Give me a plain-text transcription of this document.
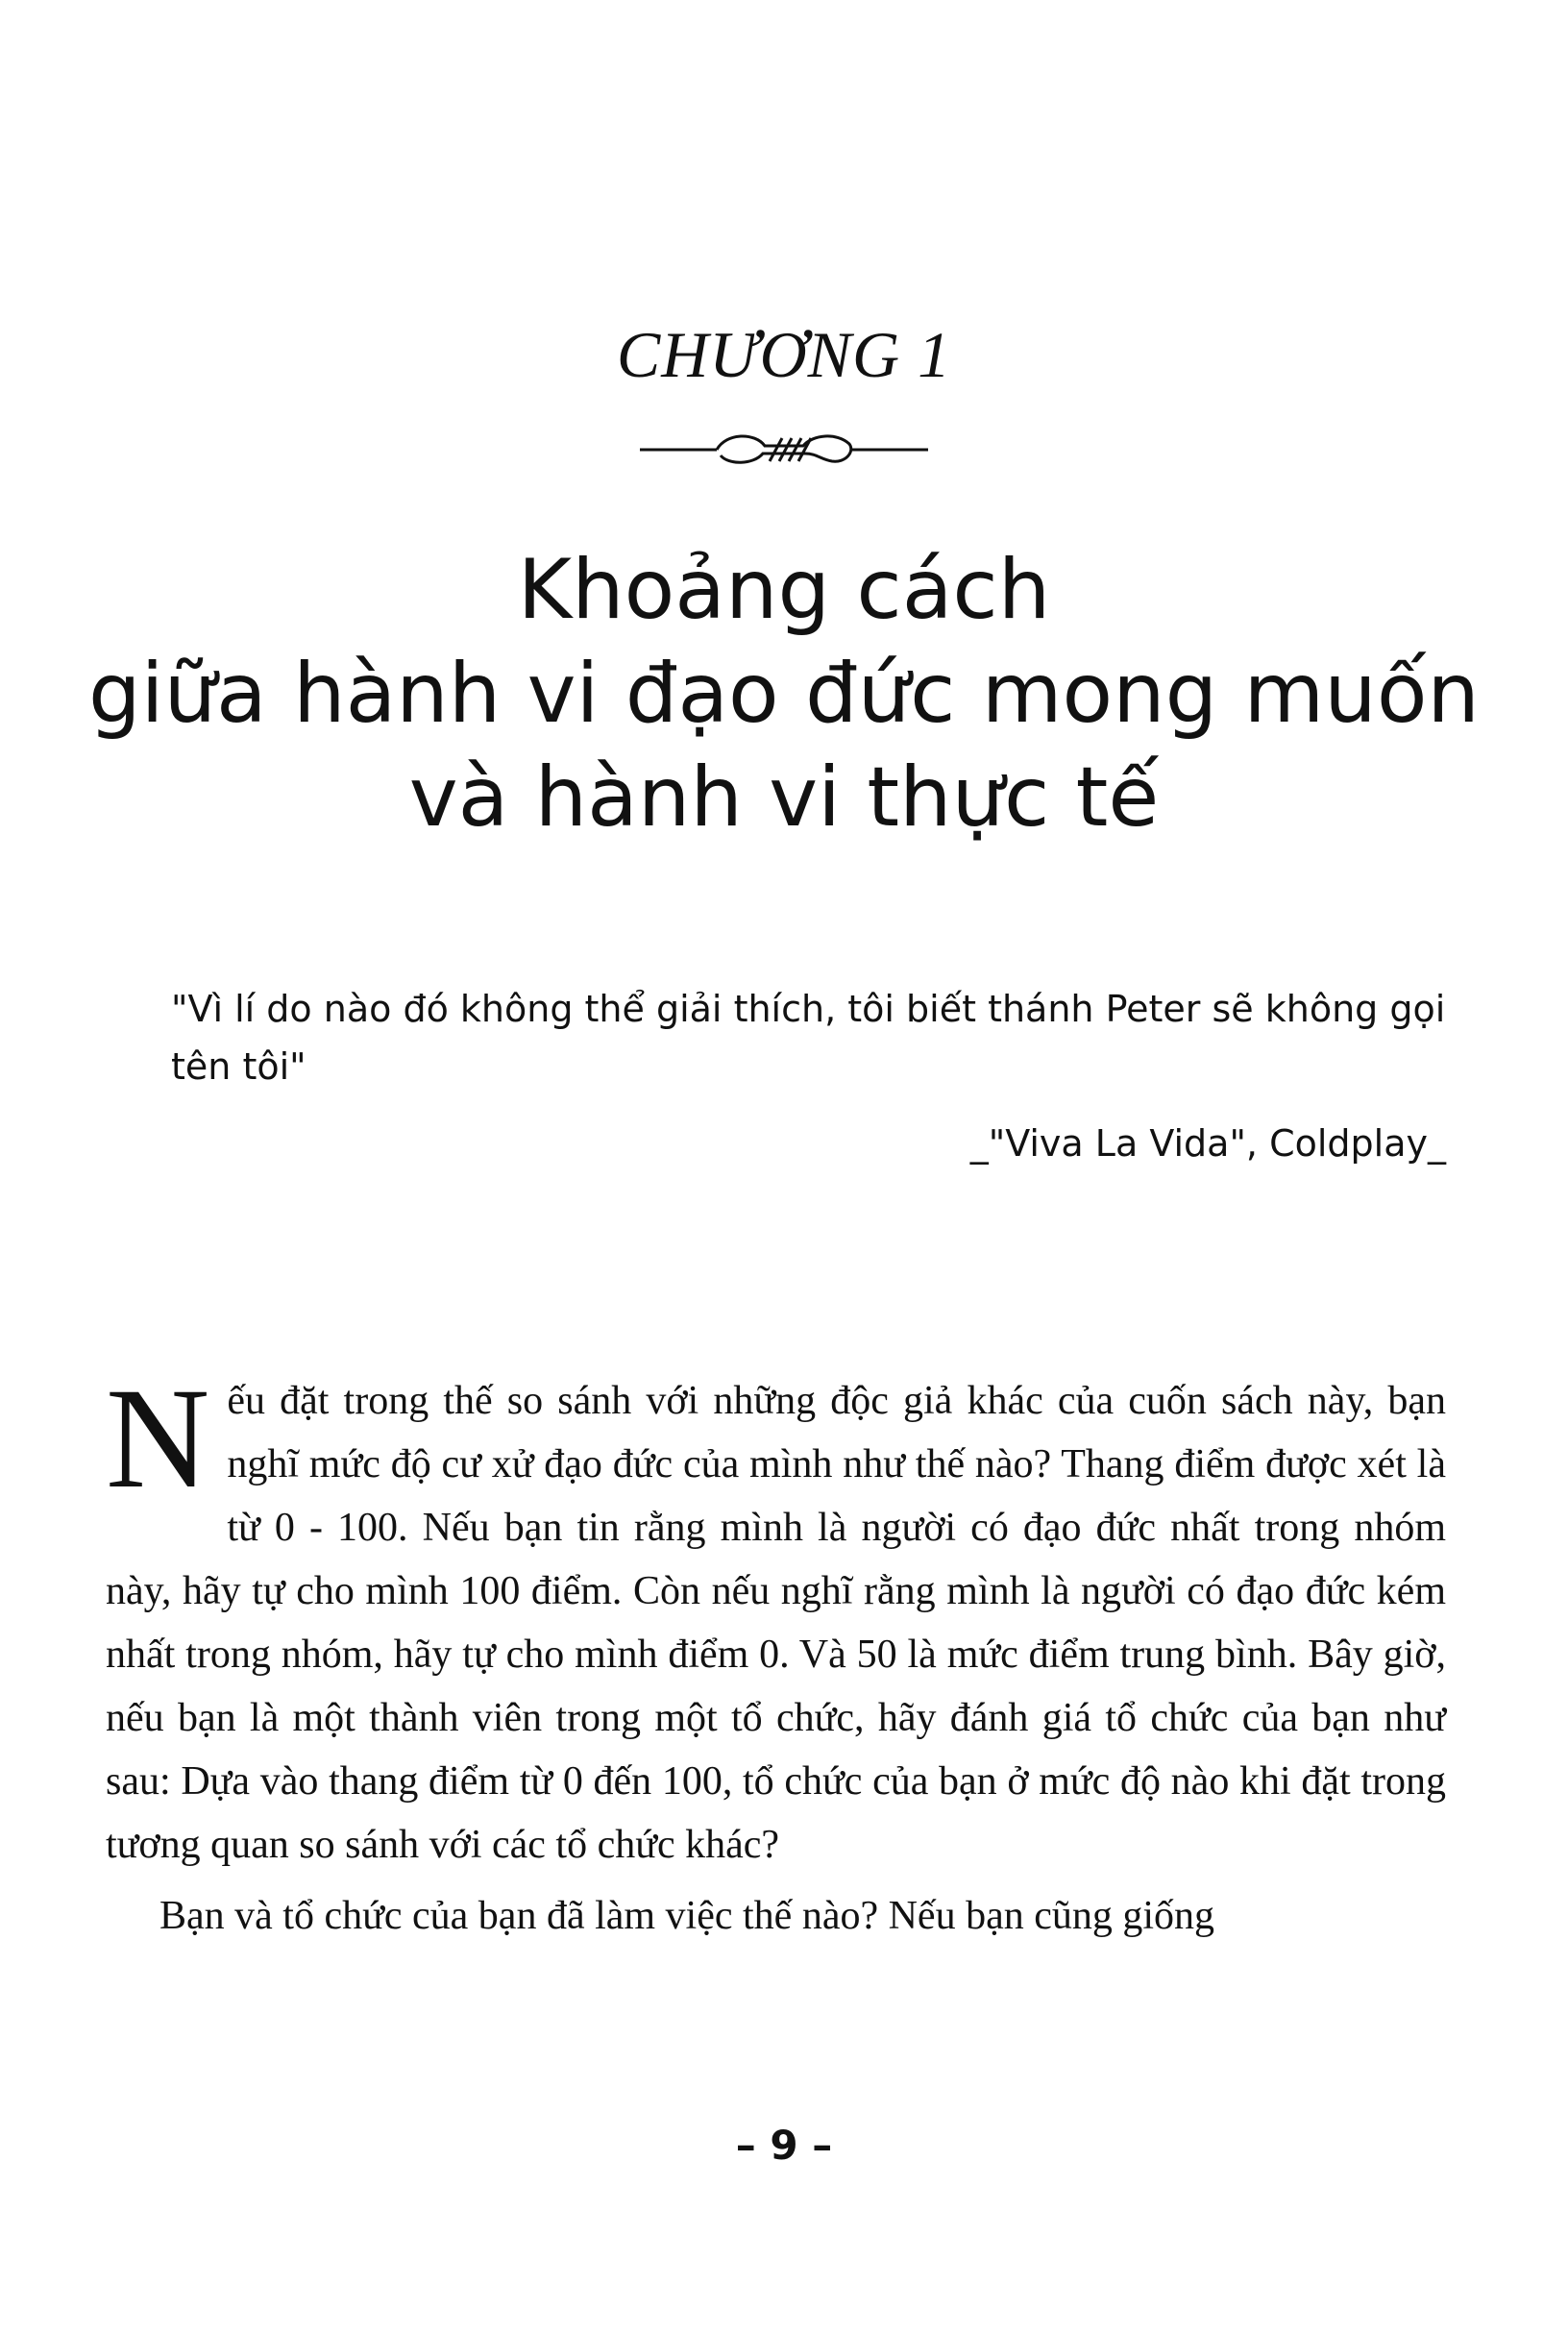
CHƯƠNG 1
Khoảng cách
giữa hành vi đạo đức mong muốn
và hành vi thực tế
"Vì lí do nào đó không thể giải thích, tôi biết thánh Peter sẽ không gọi tên tôi"
_"Viva La Vida", Coldplay_

Nếu đặt trong thế so sánh với những độc giả khác của cuốn sách này, bạn nghĩ mức độ cư xử đạo đức của mình như thế nào? Thang điểm được xét là từ 0 - 100. Nếu bạn tin rằng mình là người có đạo đức nhất trong nhóm này, hãy tự cho mình 100 điểm. Còn nếu nghĩ rằng mình là người có đạo đức kém nhất trong nhóm, hãy tự cho mình điểm 0. Và 50 là mức điểm trung bình. Bây giờ, nếu bạn là một thành viên trong một tổ chức, hãy đánh giá tổ chức của bạn như sau: Dựa vào thang điểm từ 0 đến 100, tổ chức của bạn ở mức độ nào khi đặt trong tương quan so sánh với các tổ chức khác?

Bạn và tổ chức của bạn đã làm việc thế nào? Nếu bạn cũng giống

– 9 –
